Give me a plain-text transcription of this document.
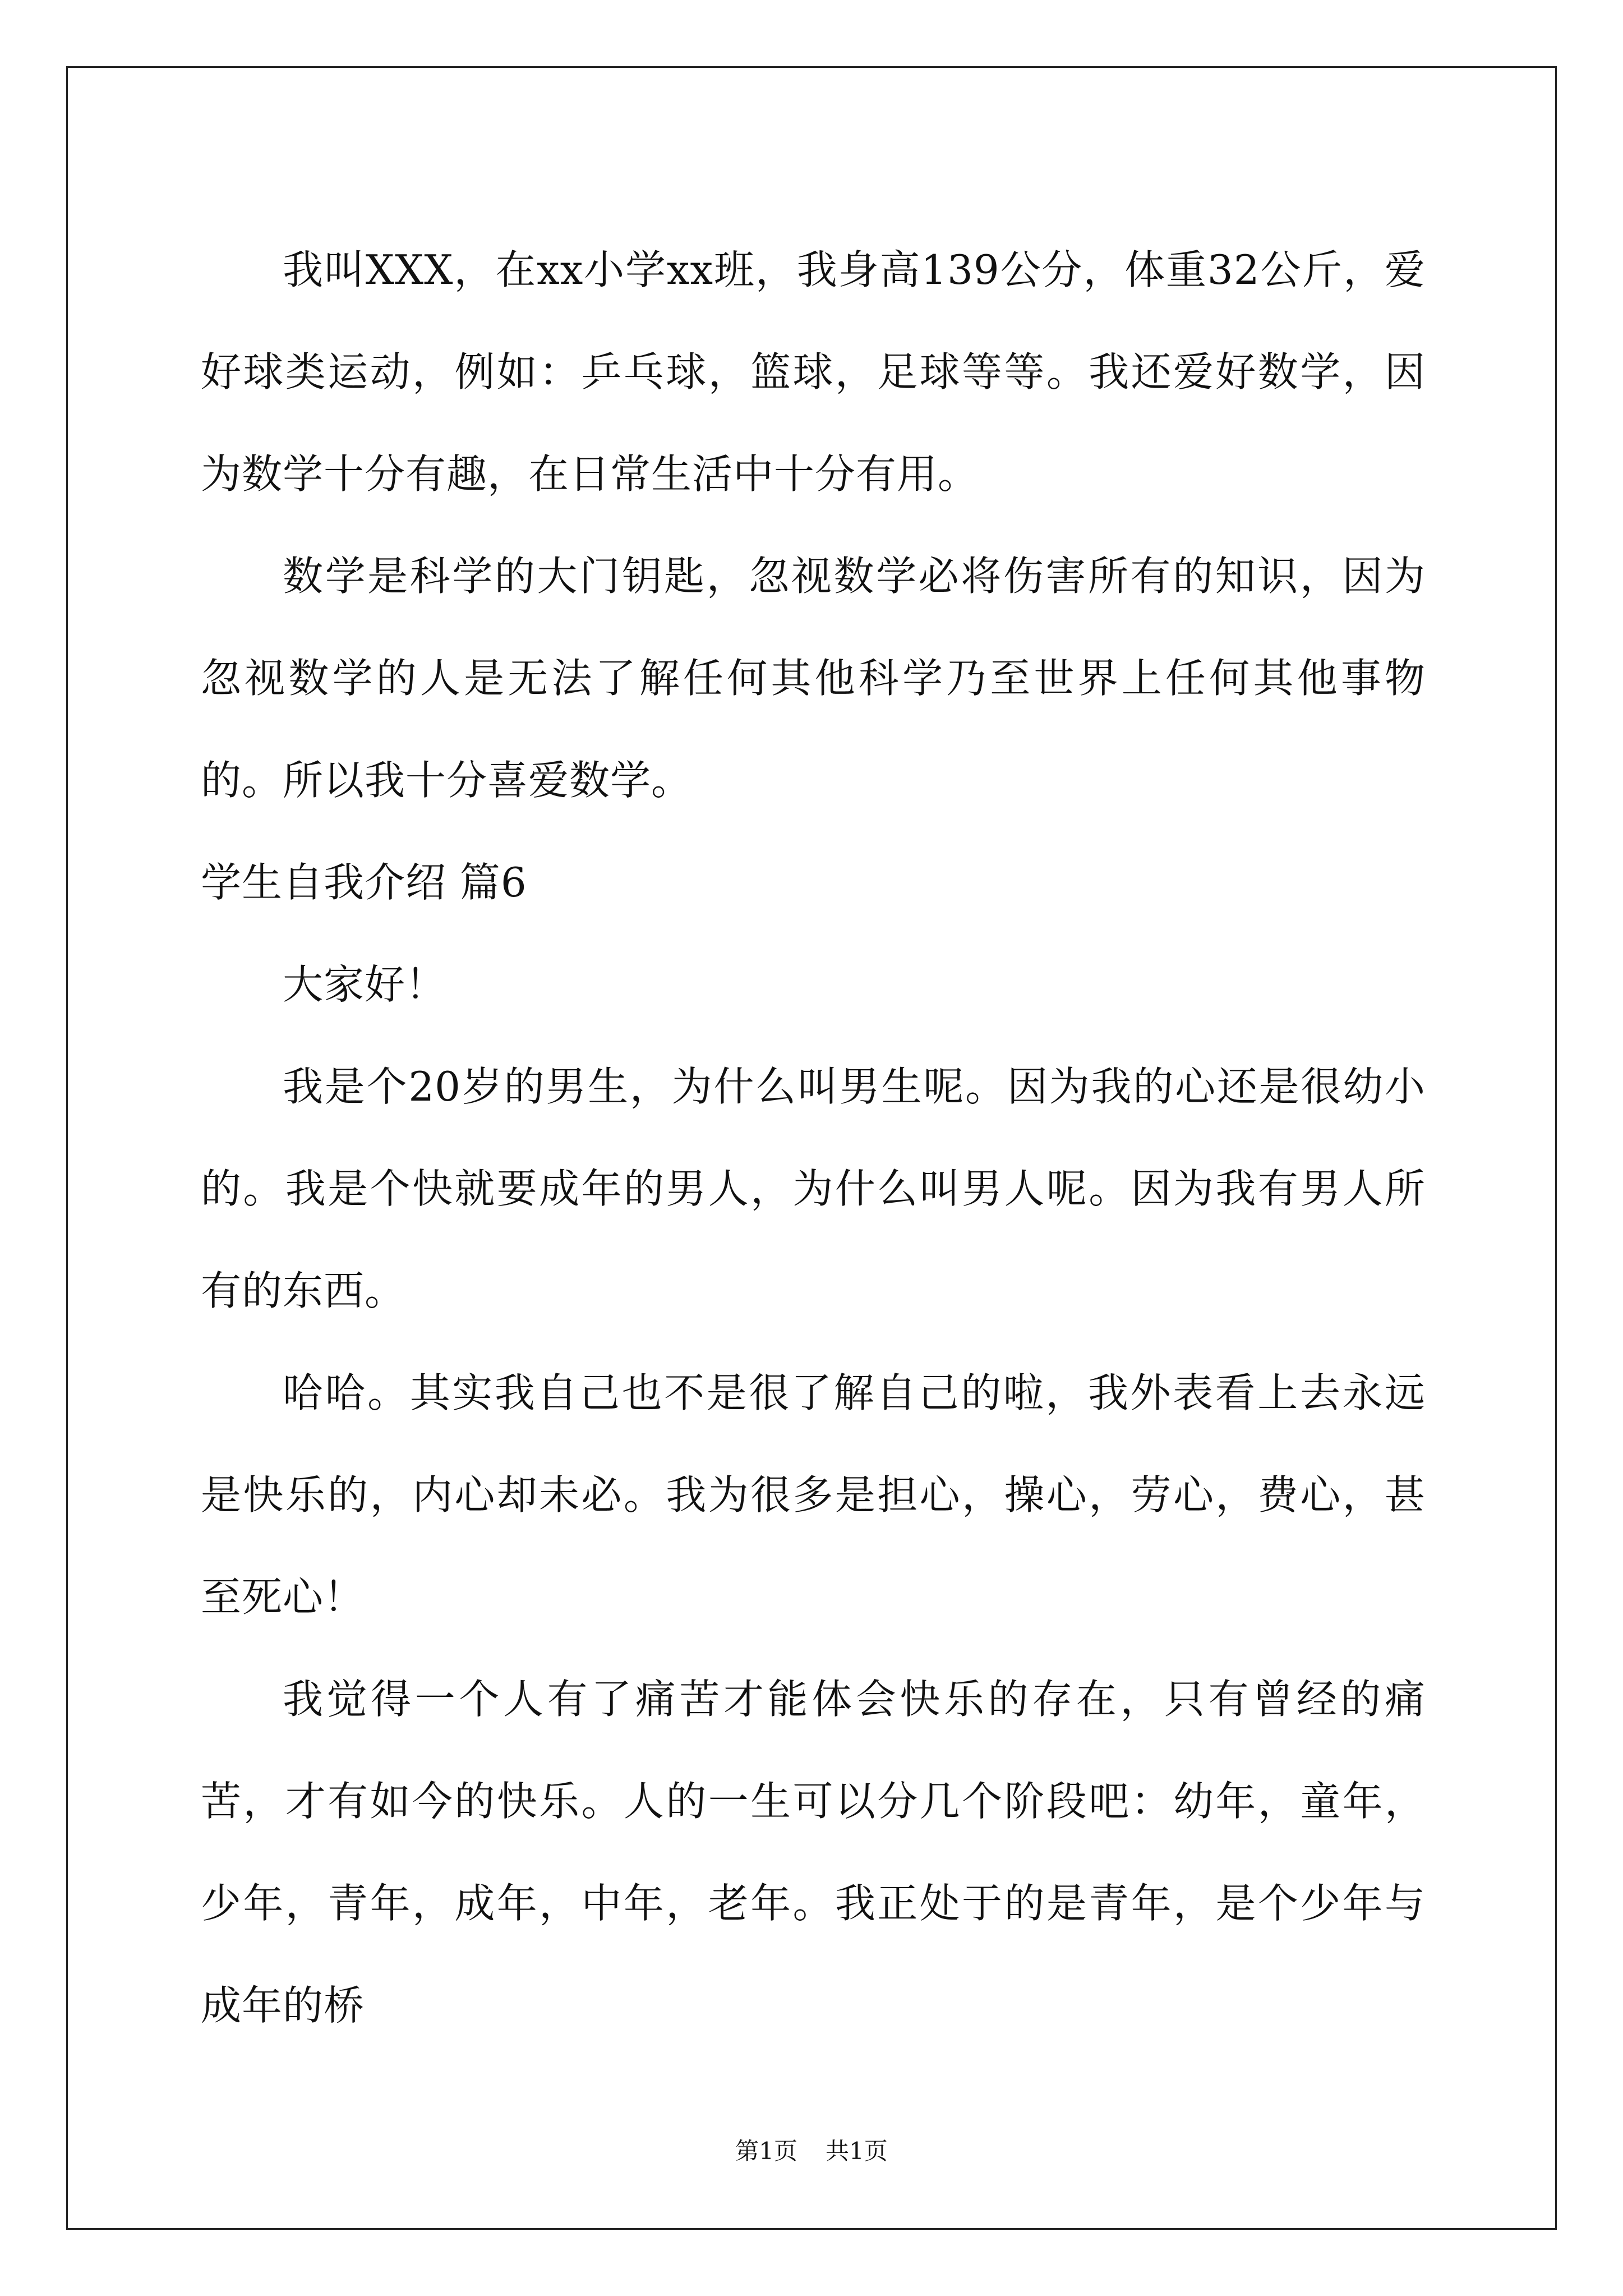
我叫XXX，在xx小学xx班，我身高139公分，体重32公斤，爱好球类运动，例如：乒乓球，篮球，足球等等。我还爱好数学，因为数学十分有趣，在日常生活中十分有用。

数学是科学的大门钥匙，忽视数学必将伤害所有的知识，因为忽视数学的人是无法了解任何其他科学乃至世界上任何其他事物的。所以我十分喜爱数学。

学生自我介绍 篇6

大家好！

我是个20岁的男生，为什么叫男生呢。因为我的心还是很幼小的。我是个快就要成年的男人，为什么叫男人呢。因为我有男人所有的东西。

哈哈。其实我自己也不是很了解自己的啦，我外表看上去永远是快乐的，内心却未必。我为很多是担心，操心，劳心，费心，甚至死心！

我觉得一个人有了痛苦才能体会快乐的存在，只有曾经的痛苦，才有如今的快乐。人的一生可以分几个阶段吧：幼年，童年，少年，青年，成年，中年，老年。我正处于的是青年，是个少年与成年的桥

第1页 共1页
